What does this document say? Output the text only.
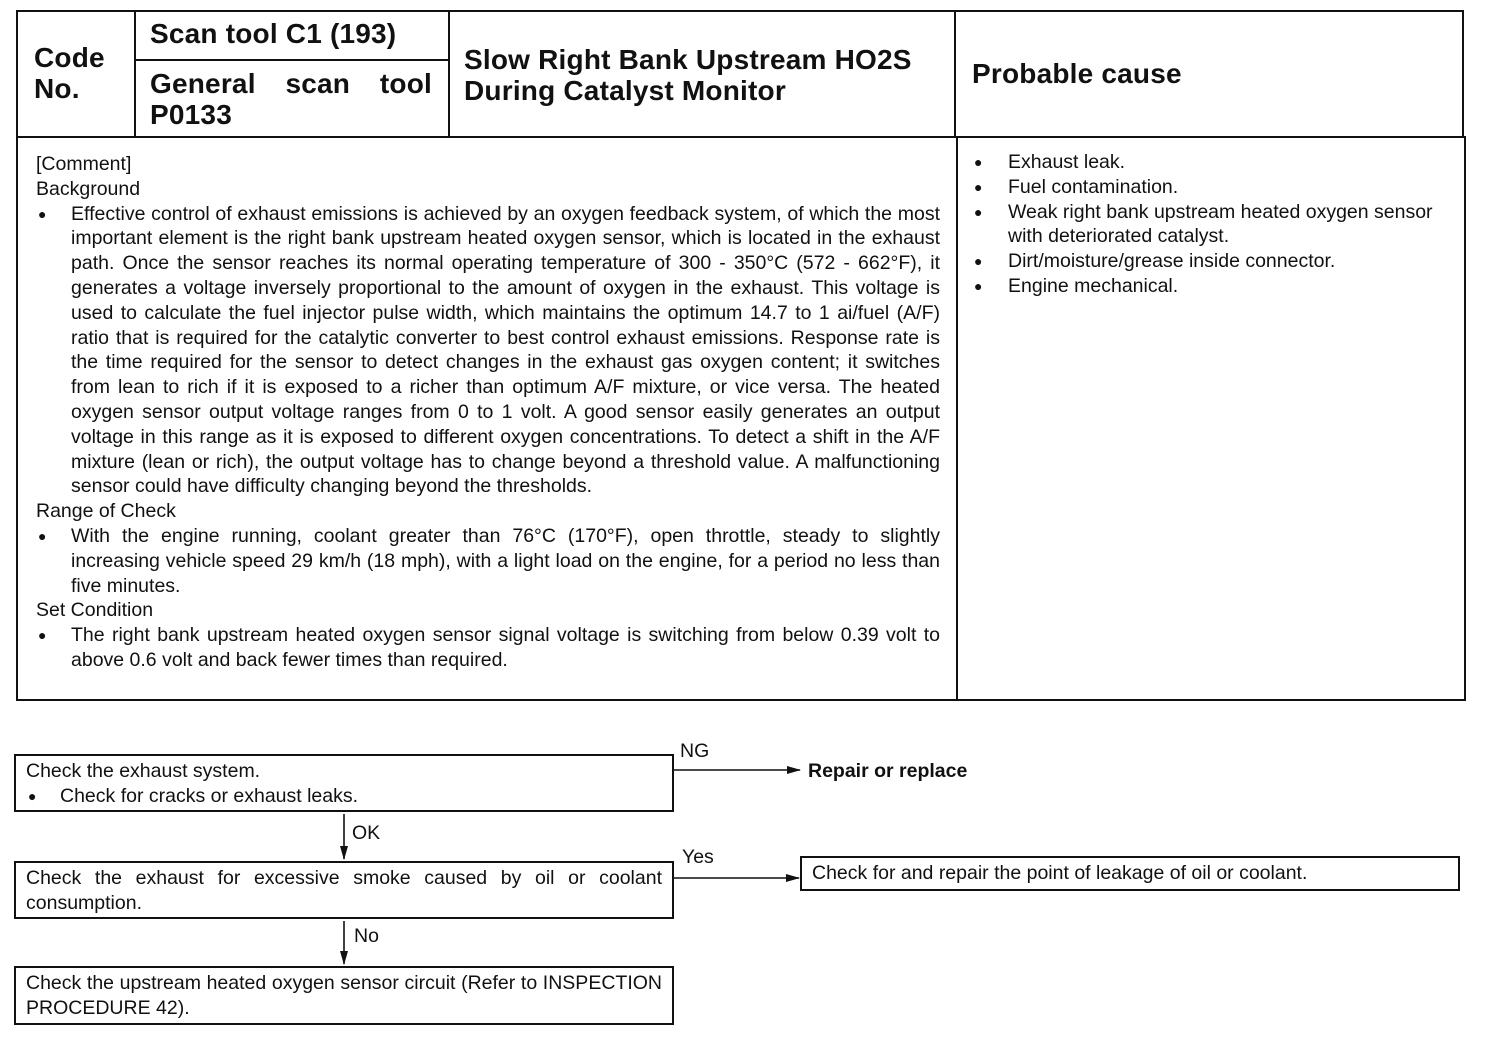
Code No.
Scan tool C1 (193)
General scan tool
P0133
Slow Right Bank Upstream HO2S During Catalyst Monitor
Probable cause
[Comment]
Background
● Effective control of exhaust emissions is achieved by an oxygen feedback system, of which the most important element is the right bank upstream heated oxygen sensor, which is located in the exhaust path. Once the sensor reaches its normal operating temperature of 300 - 350°C (572 - 662°F), it generates a voltage inversely proportional to the amount of oxygen in the exhaust. This voltage is used to calculate the fuel injector pulse width, which maintains the optimum 14.7 to 1 ai/fuel (A/F) ratio that is required for the catalytic converter to best control exhaust emissions. Response rate is the time required for the sensor to detect changes in the exhaust gas oxygen content; it switches from lean to rich if it is exposed to a richer than optimum A/F mixture, or vice versa. The heated oxygen sensor output voltage ranges from 0 to 1 volt. A good sensor easily generates an output voltage in this range as it is exposed to different oxygen concentrations. To detect a shift in the A/F mixture (lean or rich), the output voltage has to change beyond a threshold value. A malfunctioning sensor could have difficulty changing beyond the thresholds.
Range of Check
● With the engine running, coolant greater than 76°C (170°F), open throttle, steady to slightly increasing vehicle speed 29 km/h (18 mph), with a light load on the engine, for a period no less than five minutes.
Set Condition
● The right bank upstream heated oxygen sensor signal voltage is switching from below 0.39 volt to above 0.6 volt and back fewer times than required.
● Exhaust leak.
● Fuel contamination.
● Weak right bank upstream heated oxygen sensor with deteriorated catalyst.
● Dirt/moisture/grease inside connector.
● Engine mechanical.
Check the exhaust system.
● Check for cracks or exhaust leaks.
NG
Repair or replace
OK
Check the exhaust for excessive smoke caused by oil or coolant consumption.
Yes
Check for and repair the point of leakage of oil or coolant.
No
Check the upstream heated oxygen sensor circuit (Refer to INSPECTION PROCEDURE 42).
